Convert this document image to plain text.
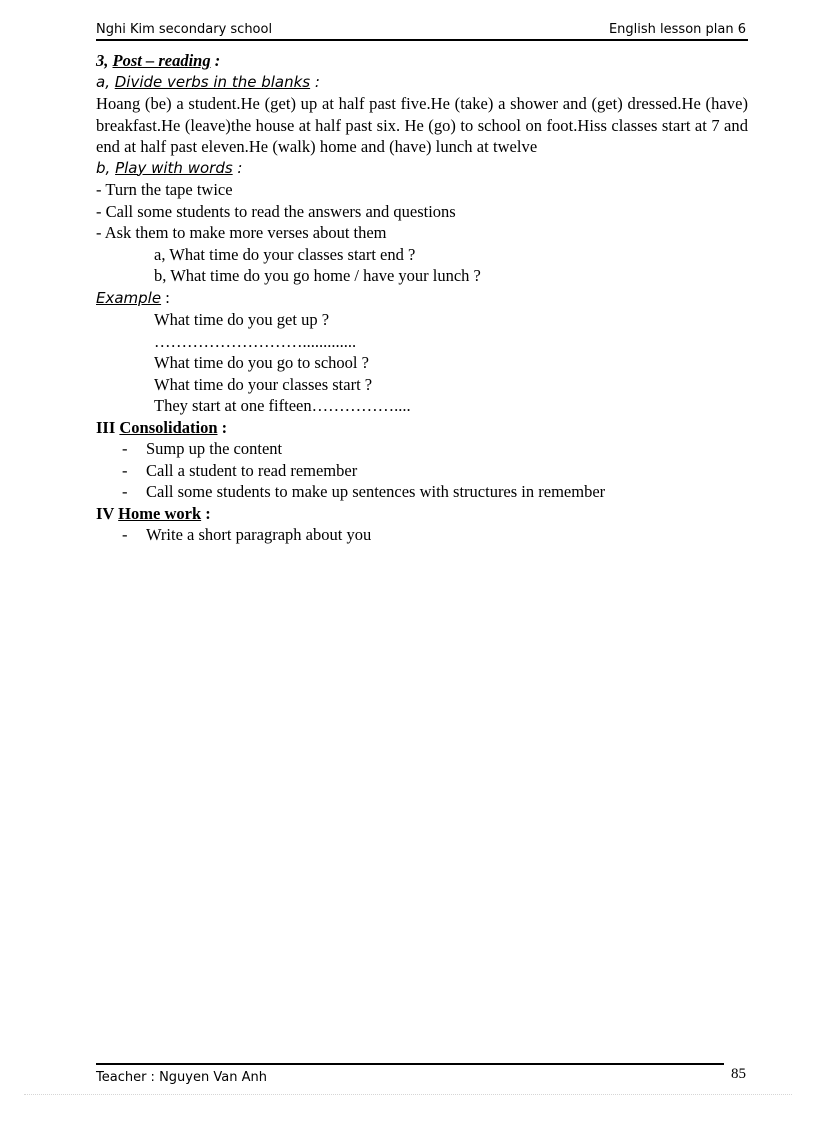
Nghi Kim secondary school	English lesson plan 6
3, Post – reading :
a, Divide verbs in the blanks :
Hoang (be) a student.He (get) up at half past five.He (take) a shower and (get) dressed.He (have) breakfast.He (leave)the house at half past six. He (go) to school on foot.Hiss classes start at 7 and end at half past eleven.He (walk) home and (have) lunch at twelve
b, Play with words :
- Turn the tape twice
- Call some students to read the answers and questions
- Ask them to make more verses about them
a, What time do your classes start end ?
b, What time do you go home / have your lunch ?
Example :
What time do you get up ?
……………………….............
What time do you go to school ?
What time do your classes start ?
They start at one fifteen……………....
III Consolidation :
- Sump up the content
- Call a student to read remember
- Call some students to make up sentences with structures in remember
IV Home work :
- Write a short paragraph about you
Teacher : Nguyen Van Anh	85
